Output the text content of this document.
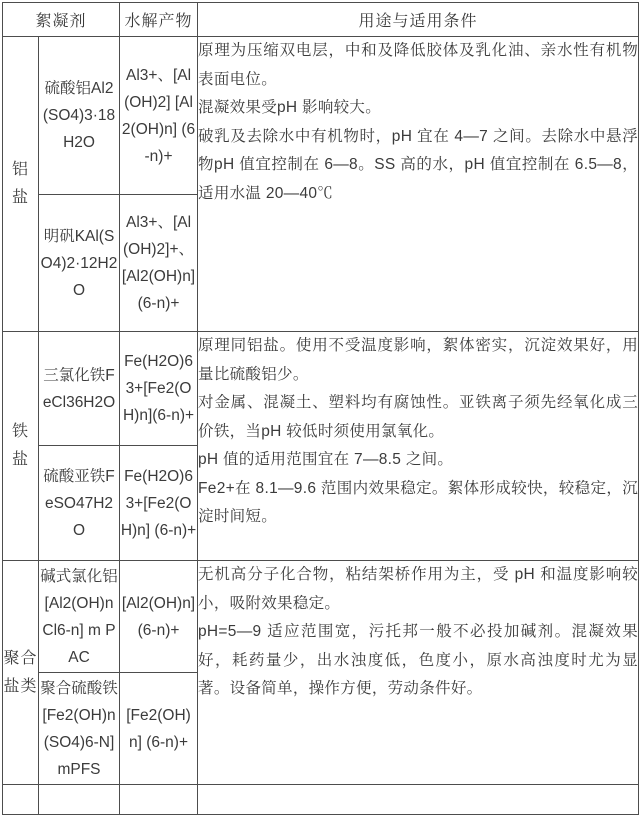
絮凝剂		水解产物	用途与适用条件
铝
盐	硫酸铝Al2(SO4)3·18H2O	Al3+、[Al(OH)2] [Al2(OH)n] (6-n)+	原理为压缩双电层，中和及降低胶体及乳化油、亲水性有机物表面电位。
混凝效果受pH 影响较大。
破乳及去除水中有机物时，pH 宜在 4—7 之间。去除水中悬浮物pH 值宜控制在 6—8。SS 高的水，pH 值宜控制在 6.5—8，适用水温 20—40℃
	明矾KAl(SO4)2·12H2O	Al3+、[Al(OH)2]+、[Al2(OH)n] (6-n)+	
铁
盐	三氯化铁FeCl36H2O	Fe(H2O)63+[Fe2(OH)n](6-n)+	原理同铝盐。使用不受温度影响，絮体密实，沉淀效果好，用量比硫酸铝少。
对金属、混凝土、塑料均有腐蚀性。亚铁离子须先经氧化成三价铁，当pH 较低时须使用氯氧化。
pH 值的适用范围宜在 7—8.5 之间。
Fe2+在 8.1—9.6 范围内效果稳定。絮体形成较快，较稳定，沉淀时间短。
	硫酸亚铁FeSO47H2O	Fe(H2O)63+[Fe2(OH)n] (6-n)+	
聚合
盐类	碱式氯化铝[Al2(OH)n Cl6-n] m PAC	[Al2(OH)n] (6-n)+	无机高分子化合物，粘结架桥作用为主，受 pH 和温度影响较小，吸附效果稳定。
pH=5—9 适应范围宽，污托邦一般不必投加碱剂。混凝效果好，耗药量少，出水浊度低，色度小，原水高浊度时尤为显著。设备简单，操作方便，劳动条件好。
	聚合硫酸铁[Fe2(OH)n(SO4)6-N] mPFS	[Fe2(OH)n] (6-n)+	
